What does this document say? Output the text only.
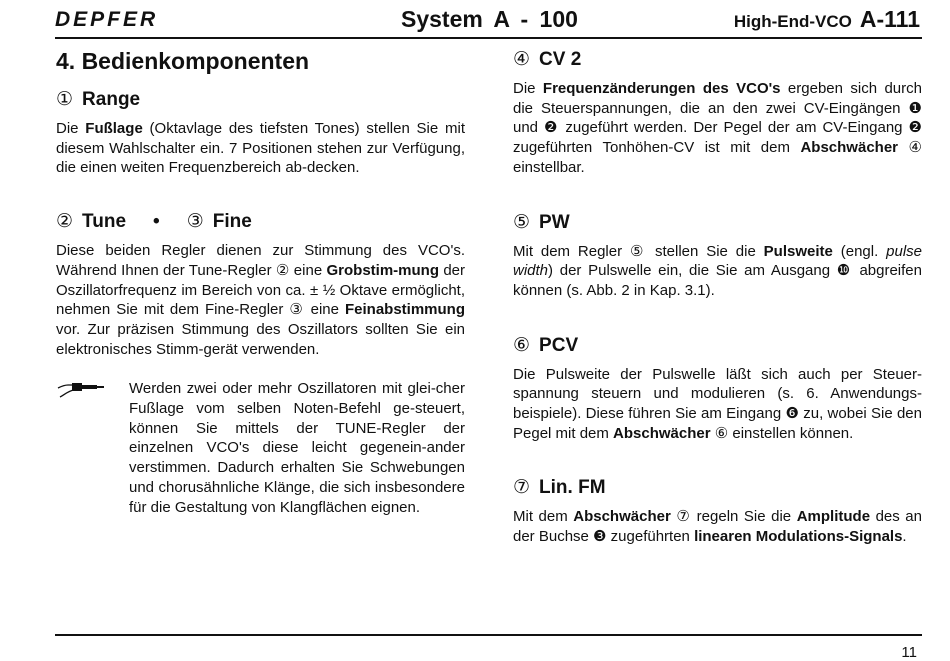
DEPFER	System A - 100	High-End-VCO A-111
4. Bedienkomponenten
① Range

Die Fußlage (Oktavlage des tiefsten Tones) stellen Sie mit diesem Wahlschalter ein. 7 Positionen stehen zur Verfügung, die einen weiten Frequenzbereich ab-decken.

② Tune • ③ Fine

Diese beiden Regler dienen zur Stimmung des VCO's. Während Ihnen der Tune-Regler ② eine Grobstim-mung der Oszillatorfrequenz im Bereich von ca. ± ½ Oktave ermöglicht, nehmen Sie mit dem Fine-Regler ③ eine Feinabstimmung vor. Zur präzisen Stimmung des Oszillators sollten Sie ein elektronisches Stimm-gerät verwenden.

Werden zwei oder mehr Oszillatoren mit glei-cher Fußlage vom selben Noten-Befehl ge-steuert, können Sie mittels der TUNE-Regler der einzelnen VCO's diese leicht gegenein-ander verstimmen. Dadurch erhalten Sie Schwebungen und chorusähnliche Klänge, die sich insbesondere für die Gestaltung von Klangflächen eignen.

④ CV 2

Die Frequenzänderungen des VCO's ergeben sich durch die Steuerspannungen, die an den zwei CV-Eingängen ❶ und ❷ zugeführt werden. Der Pegel der am CV-Eingang ❷ zugeführten Tonhöhen-CV ist mit dem Abschwächer ④ einstellbar.

⑤ PW

Mit dem Regler ⑤ stellen Sie die Pulsweite (engl. pulse width) der Pulswelle ein, die Sie am Ausgang ❿ abgreifen können (s. Abb. 2 in Kap. 3.1).

⑥ PCV

Die Pulsweite der Pulswelle läßt sich auch per Steuer-spannung steuern und modulieren (s. 6. Anwendungs-beispiele). Diese führen Sie am Eingang ❻ zu, wobei Sie den Pegel mit dem Abschwächer ⑥ einstellen können.

⑦ Lin. FM

Mit dem Abschwächer ⑦ regeln Sie die Amplitude des an der Buchse ❸ zugeführten linearen Modulations-Signals.

11
